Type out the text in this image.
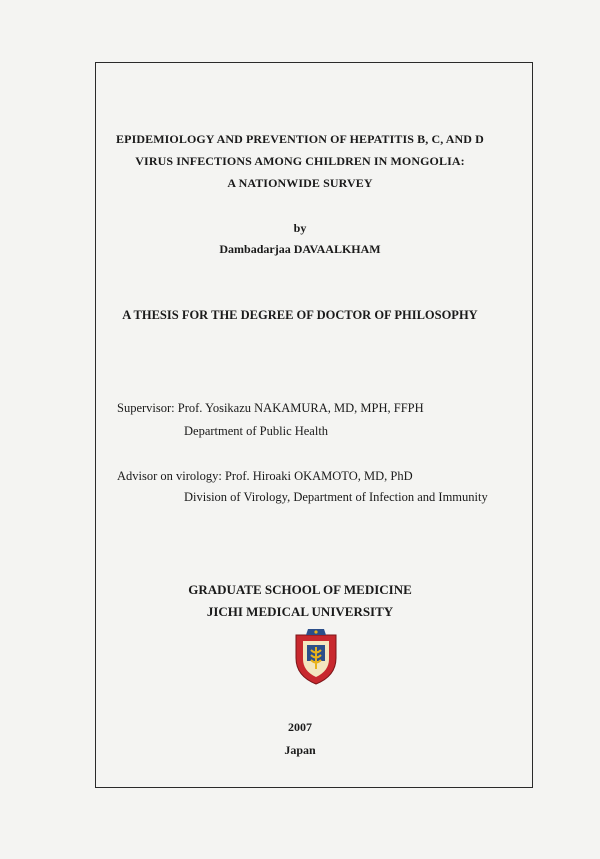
EPIDEMIOLOGY AND PREVENTION OF HEPATITIS B, C, AND D

VIRUS INFECTIONS AMONG CHILDREN IN MONGOLIA:

A NATIONWIDE SURVEY

by

Dambadarjaa DAVAALKHAM

A THESIS FOR THE DEGREE OF DOCTOR OF PHILOSOPHY

Supervisor: Prof. Yosikazu NAKAMURA, MD, MPH, FFPH

Department of Public Health

Advisor on virology: Prof. Hiroaki OKAMOTO, MD, PhD

Division of Virology, Department of Infection and Immunity

GRADUATE SCHOOL OF MEDICINE

JICHI MEDICAL UNIVERSITY

2007

Japan
